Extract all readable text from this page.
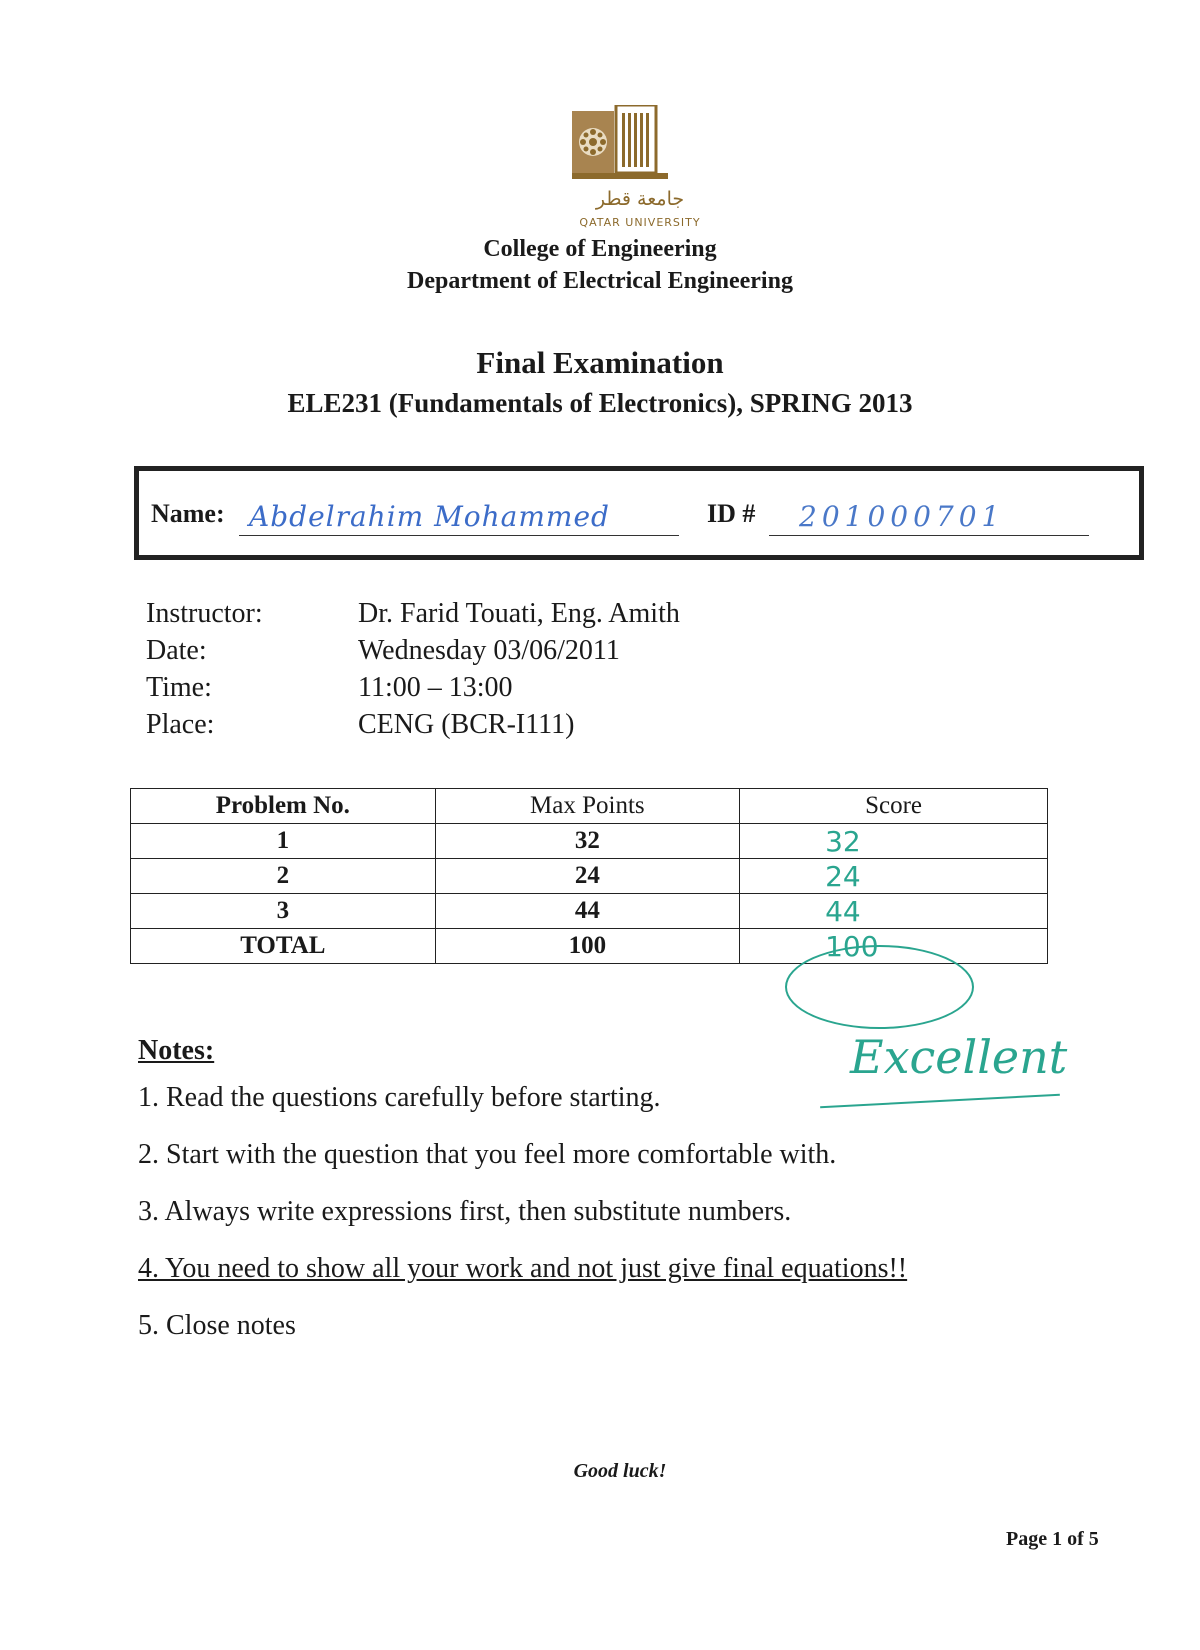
جامعة قطر
QATAR UNIVERSITY
College of Engineering
Department of Electrical Engineering
Final Examination
ELE231 (Fundamentals of Electronics), SPRING 2013
Name: Abdelrahim Mohammed	ID # 201000701
Instructor:	Dr. Farid Touati, Eng. Amith
Date:	Wednesday 03/06/2011
Time:	11:00 – 13:00
Place:	CENG (BCR-I111)
Problem No.	Max Points	Score
1	32	32
2	24	24
3	44	44
TOTAL	100	100
Excellent
Notes:
1. Read the questions carefully before starting.
2. Start with the question that you feel more comfortable with.
3. Always write expressions first, then substitute numbers.
4. You need to show all your work and not just give final equations!!
5. Close notes
Good luck!
Page 1 of 5
